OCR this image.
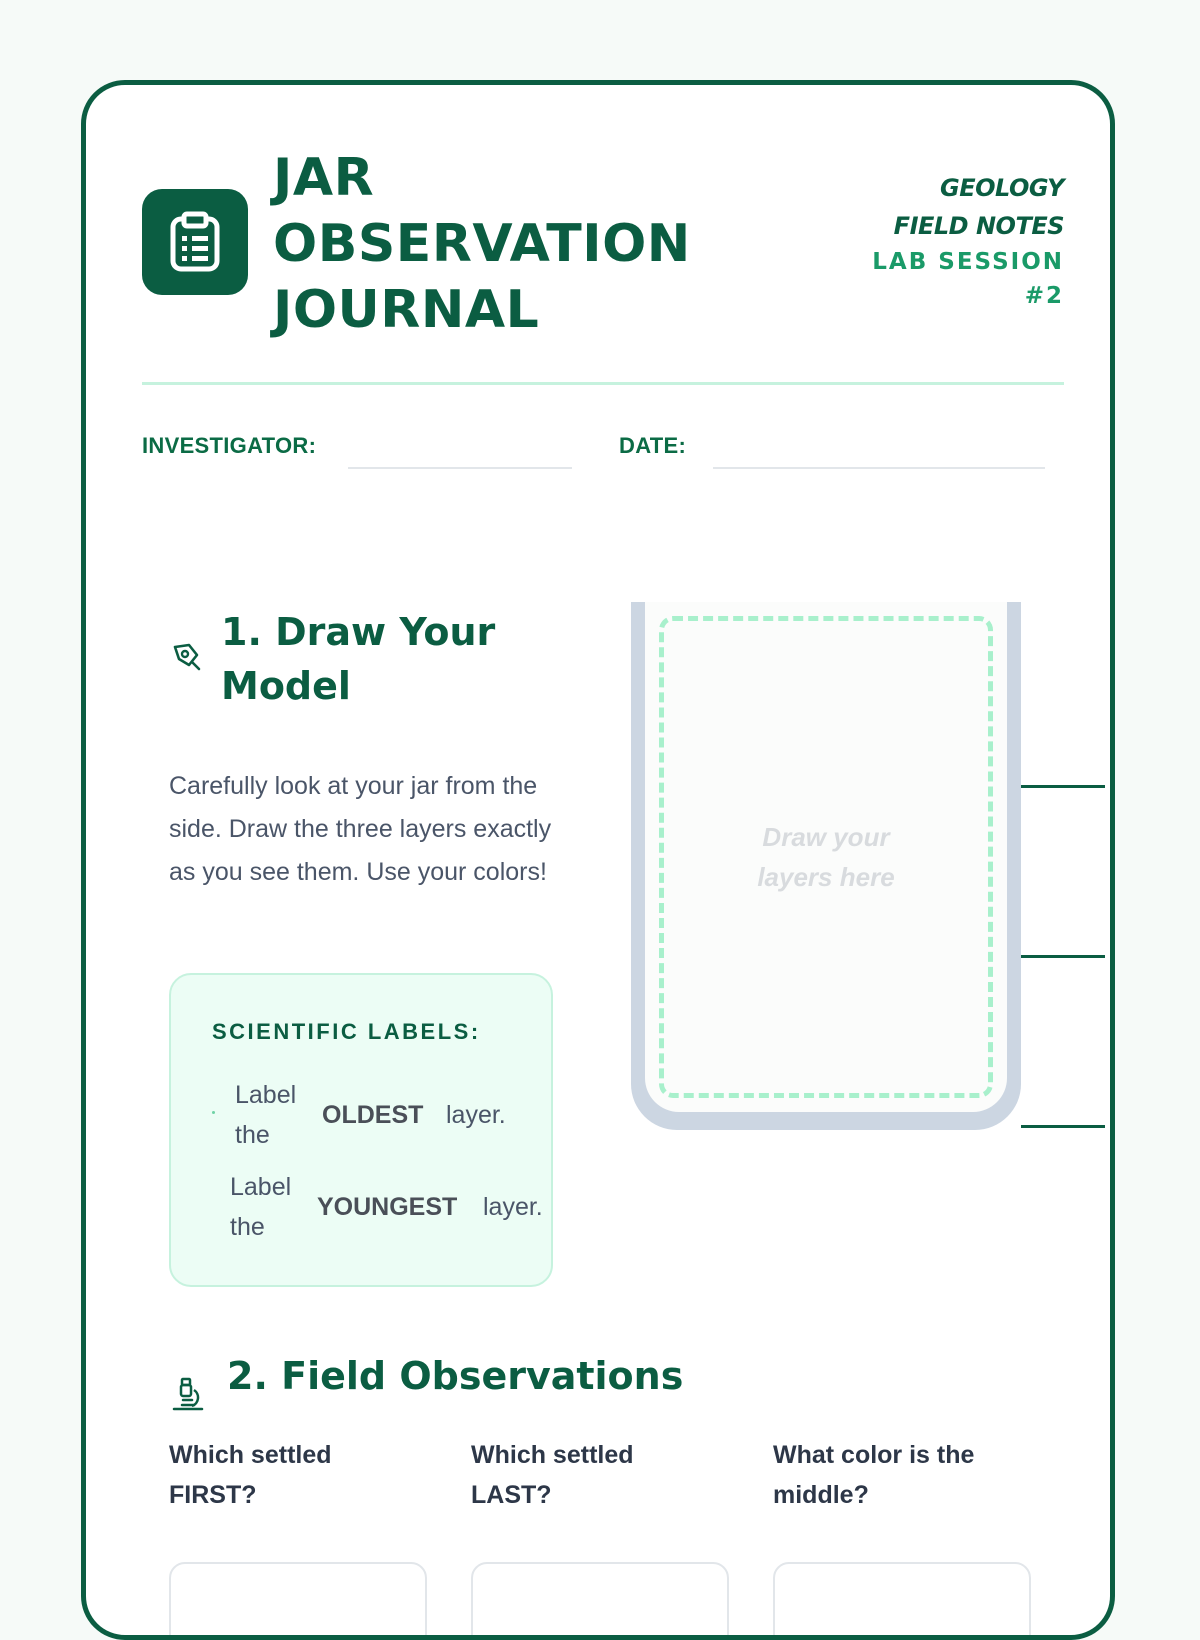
JAR
OBSERVATION
JOURNAL
GEOLOGY
FIELD NOTES
LAB SESSION
#2
INVESTIGATOR:	DATE:
1. Draw Your
Model

Carefully look at your jar from the side. Draw the three layers exactly as you see them. Use your colors!

SCIENTIFIC LABELS:
Label
the
OLDEST layer.
Label
the
YOUNGEST layer.
Draw your
layers here
2. Field Observations
Which settled
FIRST?
Which settled
LAST?
What color is the
middle?
